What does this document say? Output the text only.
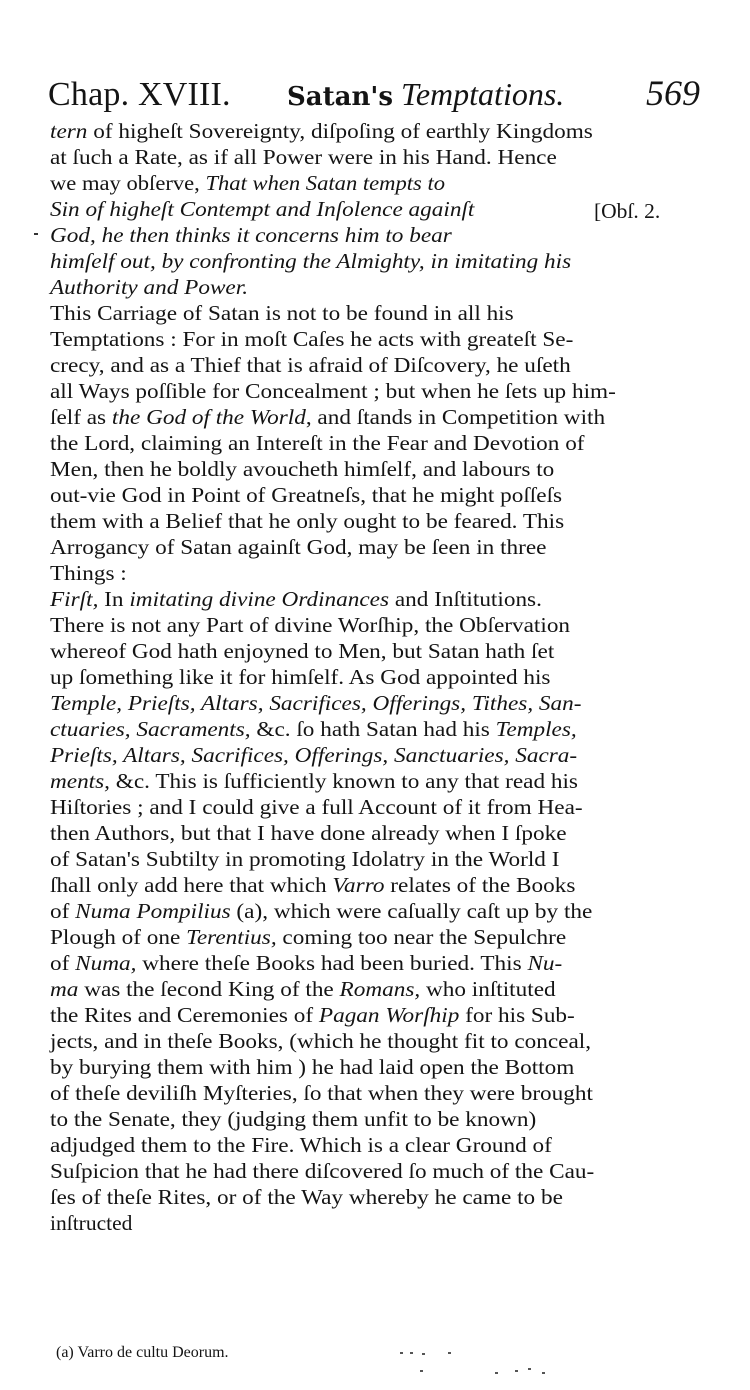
Chap. XVIII. Satan's Temptations. 569
tern of higheſt Sovereignty, diſpoſing of earthly Kingdoms
at ſuch a Rate, as if all Power were in his Hand. Hence
we may obſerve, That when Satan tempts to
Sin of higheſt Contempt and Inſolence againſt
God, he then thinks it concerns him to bear
himſelf out, by confronting the Almighty, in imitating his
Authority and Power.
This Carriage of Satan is not to be found in all his
Temptations : For in moſt Caſes he acts with greateſt Se-
crecy, and as a Thief that is afraid of Diſcovery, he uſeth
all Ways poſſible for Concealment ; but when he ſets up him-
ſelf as the God of the World, and ſtands in Competition with
the Lord, claiming an Intereſt in the Fear and Devotion of
Men, then he boldly avoucheth himſelf, and labours to
out-vie God in Point of Greatneſs, that he might poſſeſs
them with a Belief that he only ought to be feared. This
Arrogancy of Satan againſt God, may be ſeen in three
Things :
Firſt, In imitating divine Ordinances and Inſtitutions.
There is not any Part of divine Worſhip, the Obſervation
whereof God hath enjoyned to Men, but Satan hath ſet
up ſomething like it for himſelf. As God appointed his
Temple, Prieſts, Altars, Sacrifices, Offerings, Tithes, San-
ctuaries, Sacraments, &c. ſo hath Satan had his Temples,
Prieſts, Altars, Sacrifices, Offerings, Sanctuaries, Sacra-
ments, &c. This is ſufficiently known to any that read his
Hiſtories ; and I could give a full Account of it from Hea-
then Authors, but that I have done already when I ſpoke
of Satan's Subtilty in promoting Idolatry in the World I
ſhall only add here that which Varro relates of the Books
of Numa Pompilius (a), which were caſually caſt up by the
Plough of one Terentius, coming too near the Sepulchre
of Numa, where theſe Books had been buried. This Nu-
ma was the ſecond King of the Romans, who inſtituted
the Rites and Ceremonies of Pagan Worſhip for his Sub-
jects, and in theſe Books, (which he thought fit to conceal,
by burying them with him ) he had laid open the Bottom
of theſe deviliſh Myſteries, ſo that when they were brought
to the Senate, they (judging them unfit to be known)
adjudged them to the Fire. Which is a clear Ground of
Suſpicion that he had there diſcovered ſo much of the Cau-
ſes of theſe Rites, or of the Way whereby he came to be
inſtructed
[Obſ. 2.
(a) Varro de cultu Deorum.
